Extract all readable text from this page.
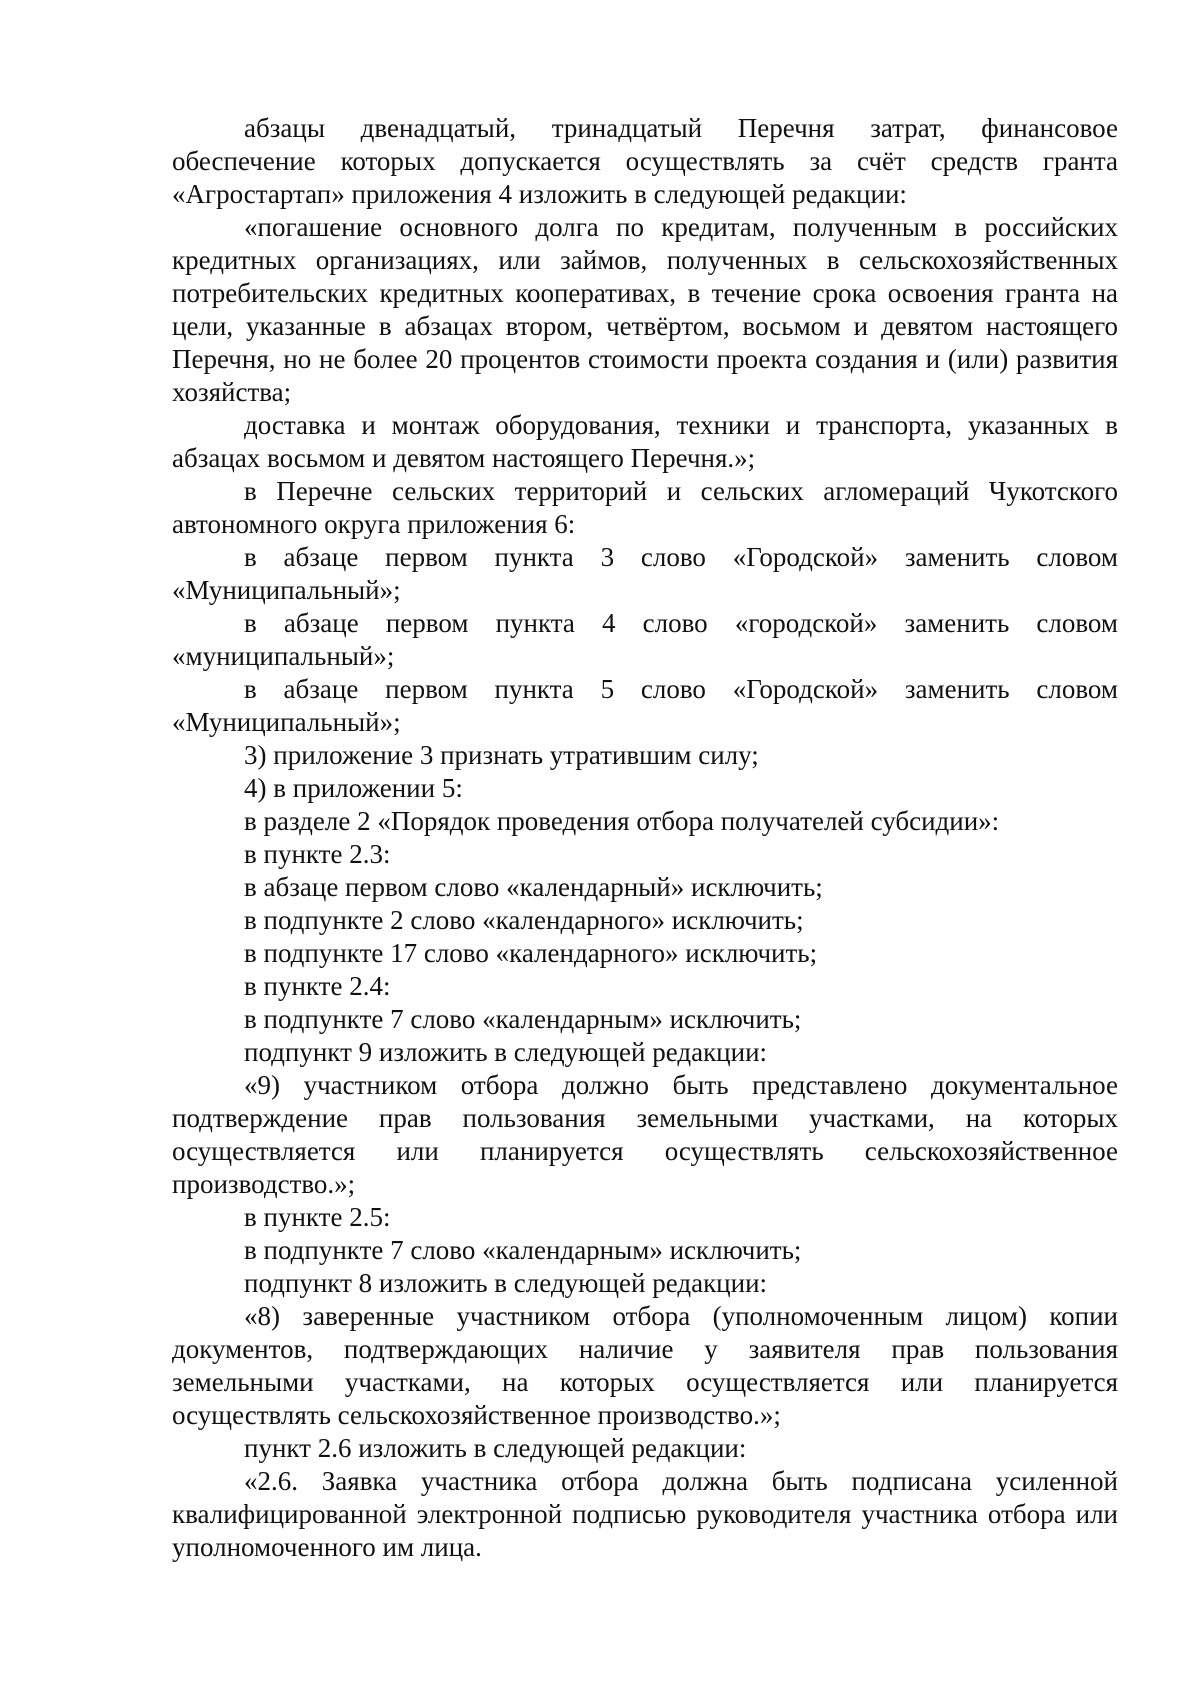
абзацы двенадцатый, тринадцатый Перечня затрат, финансовое обеспечение которых допускается осуществлять за счёт средств гранта «Агростартап» приложения 4 изложить в следующей редакции:

«погашение основного долга по кредитам, полученным в российских кредитных организациях, или займов, полученных в сельскохозяйственных потребительских кредитных кооперативах, в течение срока освоения гранта на цели, указанные в абзацах втором, четвёртом, восьмом и девятом настоящего Перечня, но не более 20 процентов стоимости проекта создания и (или) развития хозяйства;

доставка и монтаж оборудования, техники и транспорта, указанных в абзацах восьмом и девятом настоящего Перечня.»;

в Перечне сельских территорий и сельских агломераций Чукотского автономного округа приложения 6:

в абзаце первом пункта 3 слово «Городской» заменить словом «Муниципальный»;

в абзаце первом пункта 4 слово «городской» заменить словом «муниципальный»;

в абзаце первом пункта 5 слово «Городской» заменить словом «Муниципальный»;

3) приложение 3 признать утратившим силу;

4) в приложении 5:

в разделе 2 «Порядок проведения отбора получателей субсидии»:

в пункте 2.3:

в абзаце первом слово «календарный» исключить;

в подпункте 2 слово «календарного» исключить;

в подпункте 17 слово «календарного» исключить;

в пункте 2.4:

в подпункте 7 слово «календарным» исключить;

подпункт 9 изложить в следующей редакции:

«9) участником отбора должно быть представлено документальное подтверждение прав пользования земельными участками, на которых осуществляется или планируется осуществлять сельскохозяйственное производство.»;

в пункте 2.5:

в подпункте 7 слово «календарным» исключить;

подпункт 8 изложить в следующей редакции:

«8) заверенные участником отбора (уполномоченным лицом) копии документов, подтверждающих наличие у заявителя прав пользования земельными участками, на которых осуществляется или планируется осуществлять сельскохозяйственное производство.»;

пункт 2.6 изложить в следующей редакции:

«2.6. Заявка участника отбора должна быть подписана усиленной квалифицированной электронной подписью руководителя участника отбора или уполномоченного им лица.
